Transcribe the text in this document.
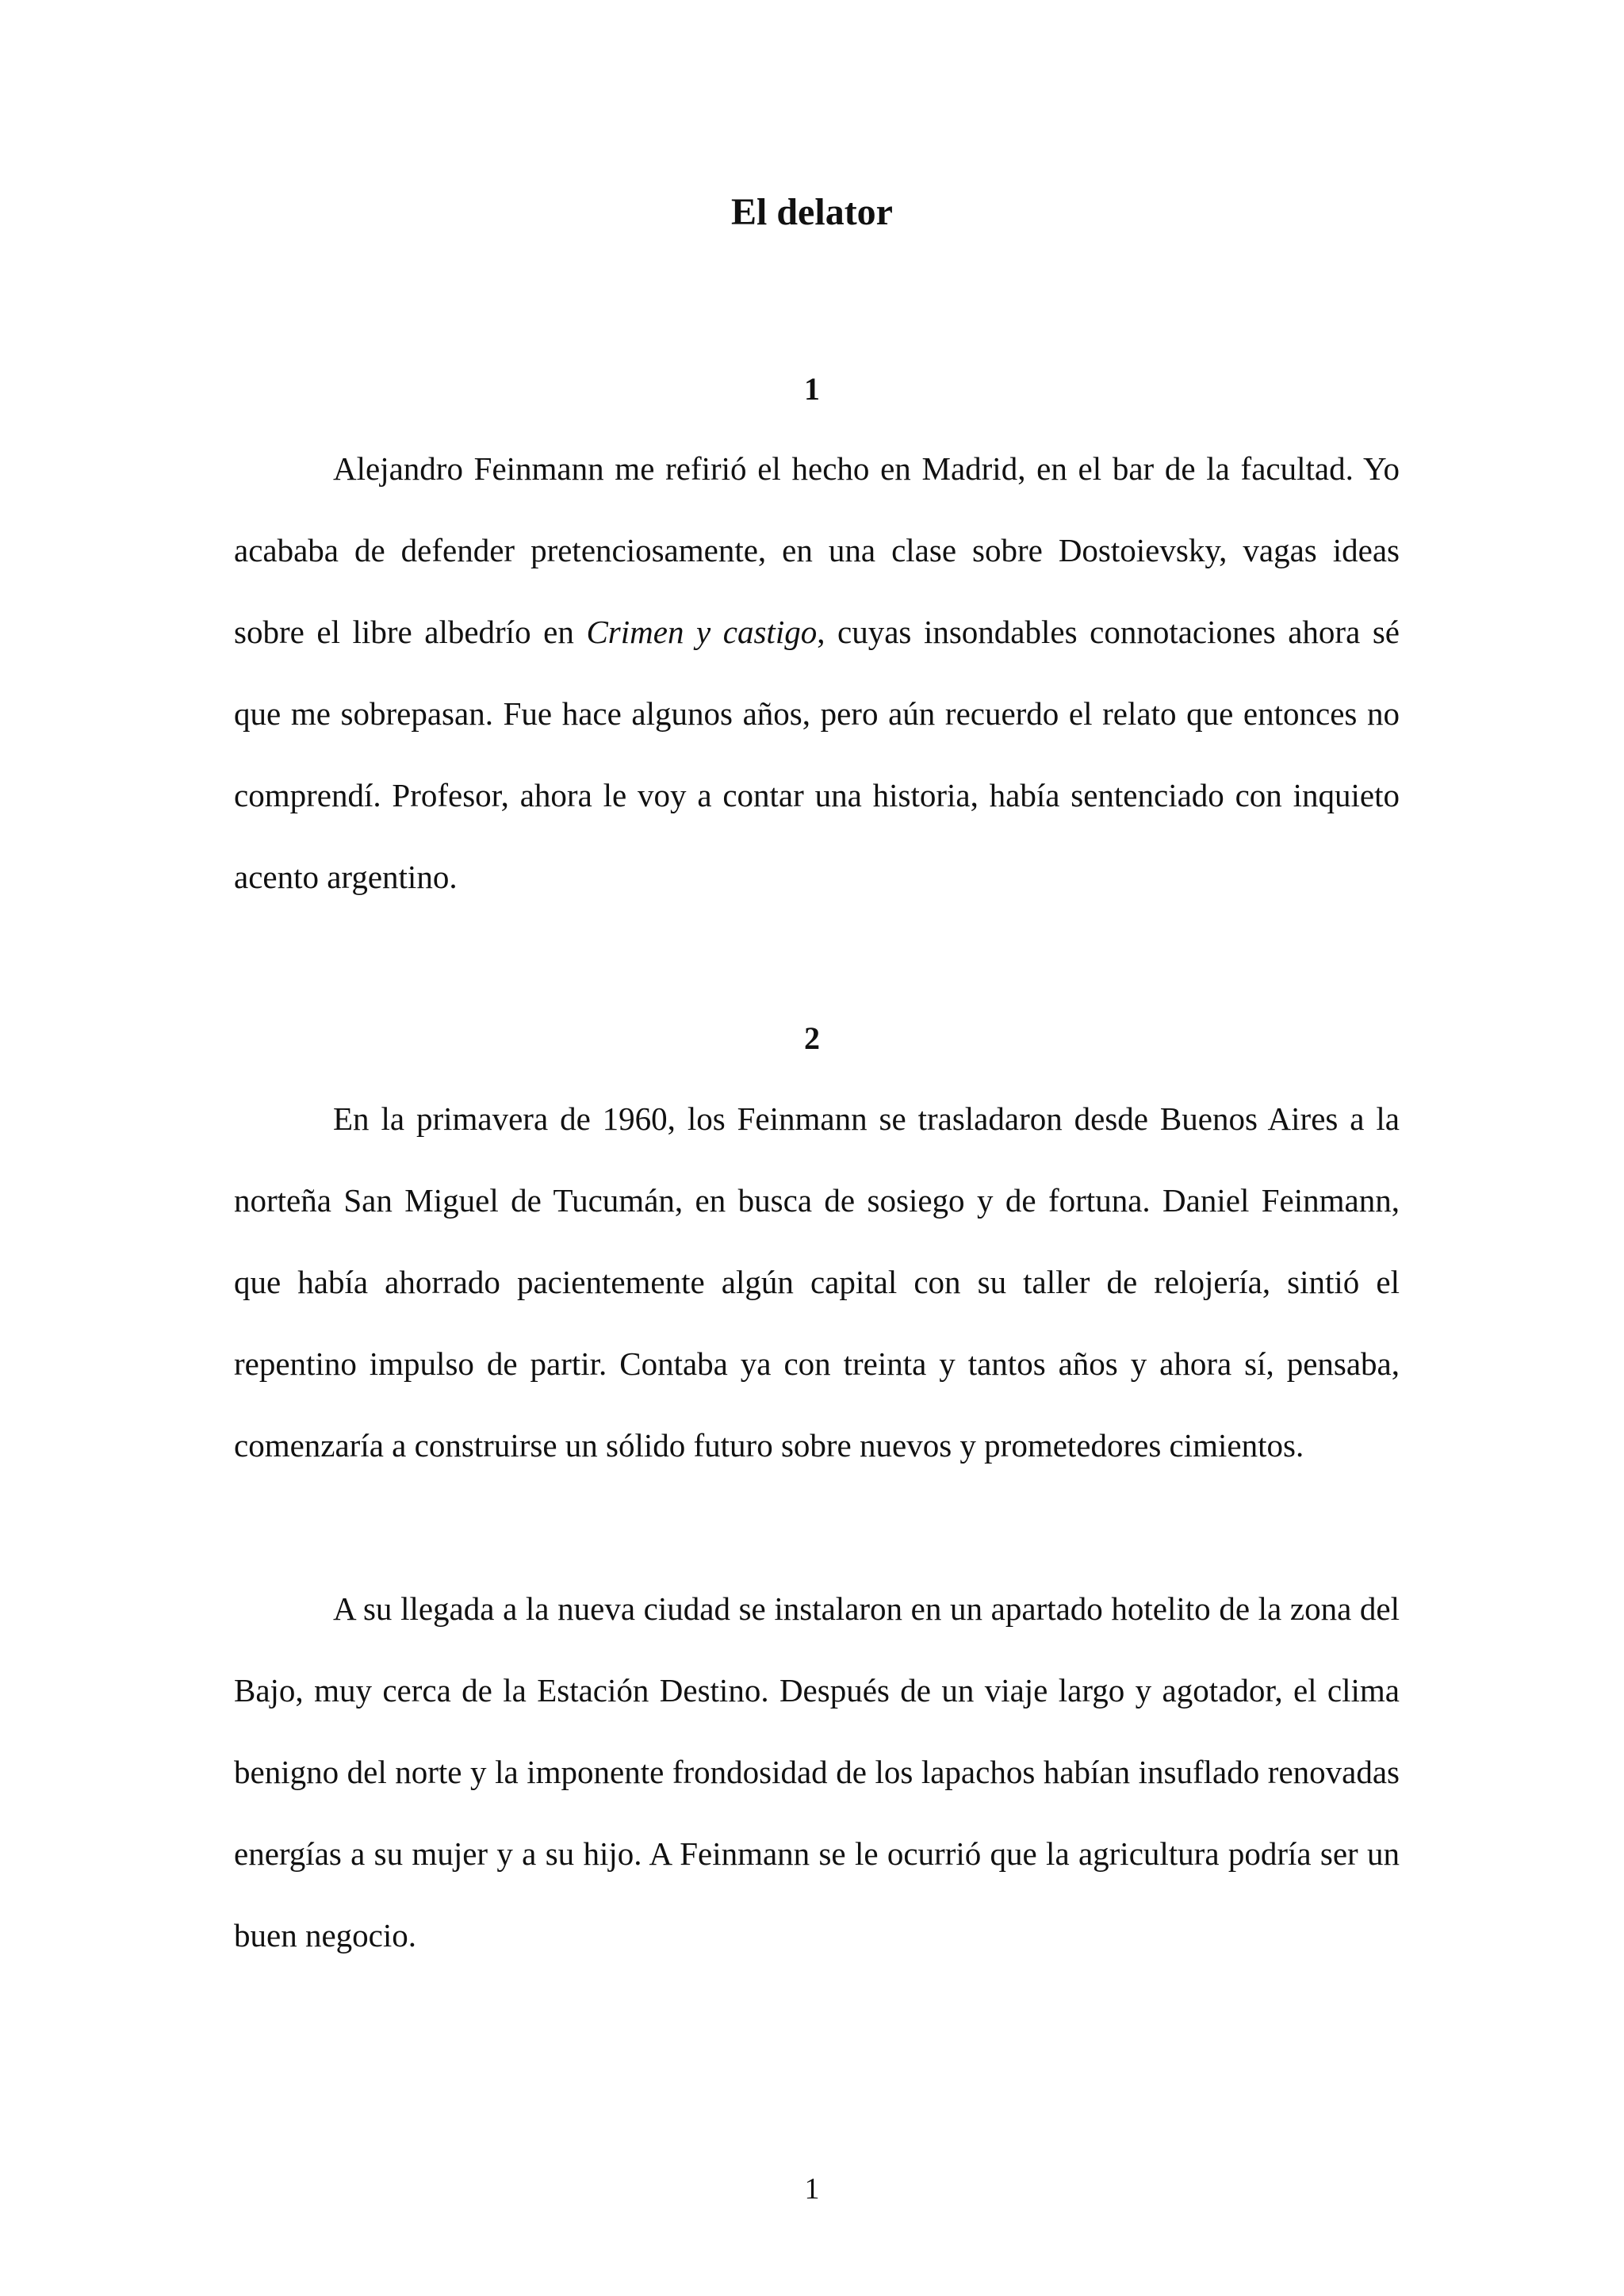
El delator
1

Alejandro Feinmann me refirió el hecho en Madrid, en el bar de la facultad. Yo acababa de defender pretenciosamente, en una clase sobre Dostoievsky, vagas ideas sobre el libre albedrío en Crimen y castigo, cuyas insondables connotaciones ahora sé que me sobrepasan. Fue hace algunos años, pero aún recuerdo el relato que entonces no comprendí. Profesor, ahora le voy a contar una historia, había sentenciado con inquieto acento argentino.

2

En la primavera de 1960, los Feinmann se trasladaron desde Buenos Aires a la norteña San Miguel de Tucumán, en busca de sosiego y de fortuna. Daniel Feinmann, que había ahorrado pacientemente algún capital con su taller de relojería, sintió el repentino impulso de partir. Contaba ya con treinta y tantos años y ahora sí, pensaba, comenzaría a construirse un sólido futuro sobre nuevos y prometedores cimientos.

A su llegada a la nueva ciudad se instalaron en un apartado hotelito de la zona del Bajo, muy cerca de la Estación Destino. Después de un viaje largo y agotador, el clima benigno del norte y la imponente frondosidad de los lapachos habían insuflado renovadas energías a su mujer y a su hijo. A Feinmann se le ocurrió que la agricultura podría ser un buen negocio.

1
